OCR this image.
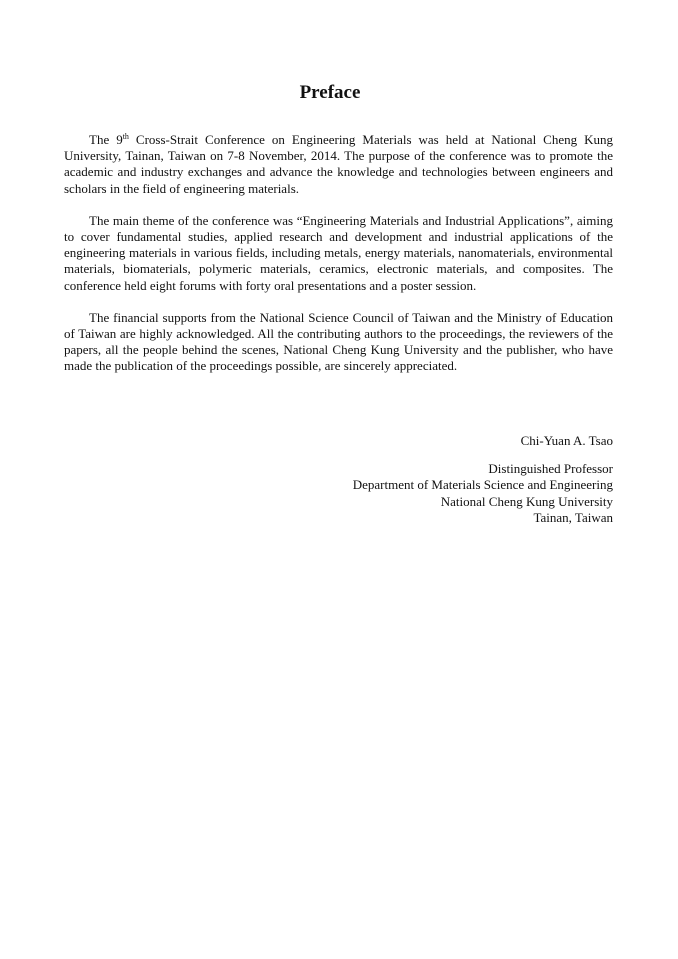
Preface

The 9th Cross-Strait Conference on Engineering Materials was held at National Cheng Kung University, Tainan, Taiwan on 7-8 November, 2014. The purpose of the conference was to promote the academic and industry exchanges and advance the knowledge and technologies between engineers and scholars in the field of engineering materials.

The main theme of the conference was “Engineering Materials and Industrial Applications”, aiming to cover fundamental studies, applied research and development and industrial applications of the engineering materials in various fields, including metals, energy materials, nanomaterials, environmental materials, biomaterials, polymeric materials, ceramics, electronic materials, and composites. The conference held eight forums with forty oral presentations and a poster session.

The financial supports from the National Science Council of Taiwan and the Ministry of Education of Taiwan are highly acknowledged. All the contributing authors to the proceedings, the reviewers of the papers, all the people behind the scenes, National Cheng Kung University and the publisher, who have made the publication of the proceedings possible, are sincerely appreciated.

Chi-Yuan A. Tsao
Distinguished Professor
Department of Materials Science and Engineering
National Cheng Kung University
Tainan, Taiwan
